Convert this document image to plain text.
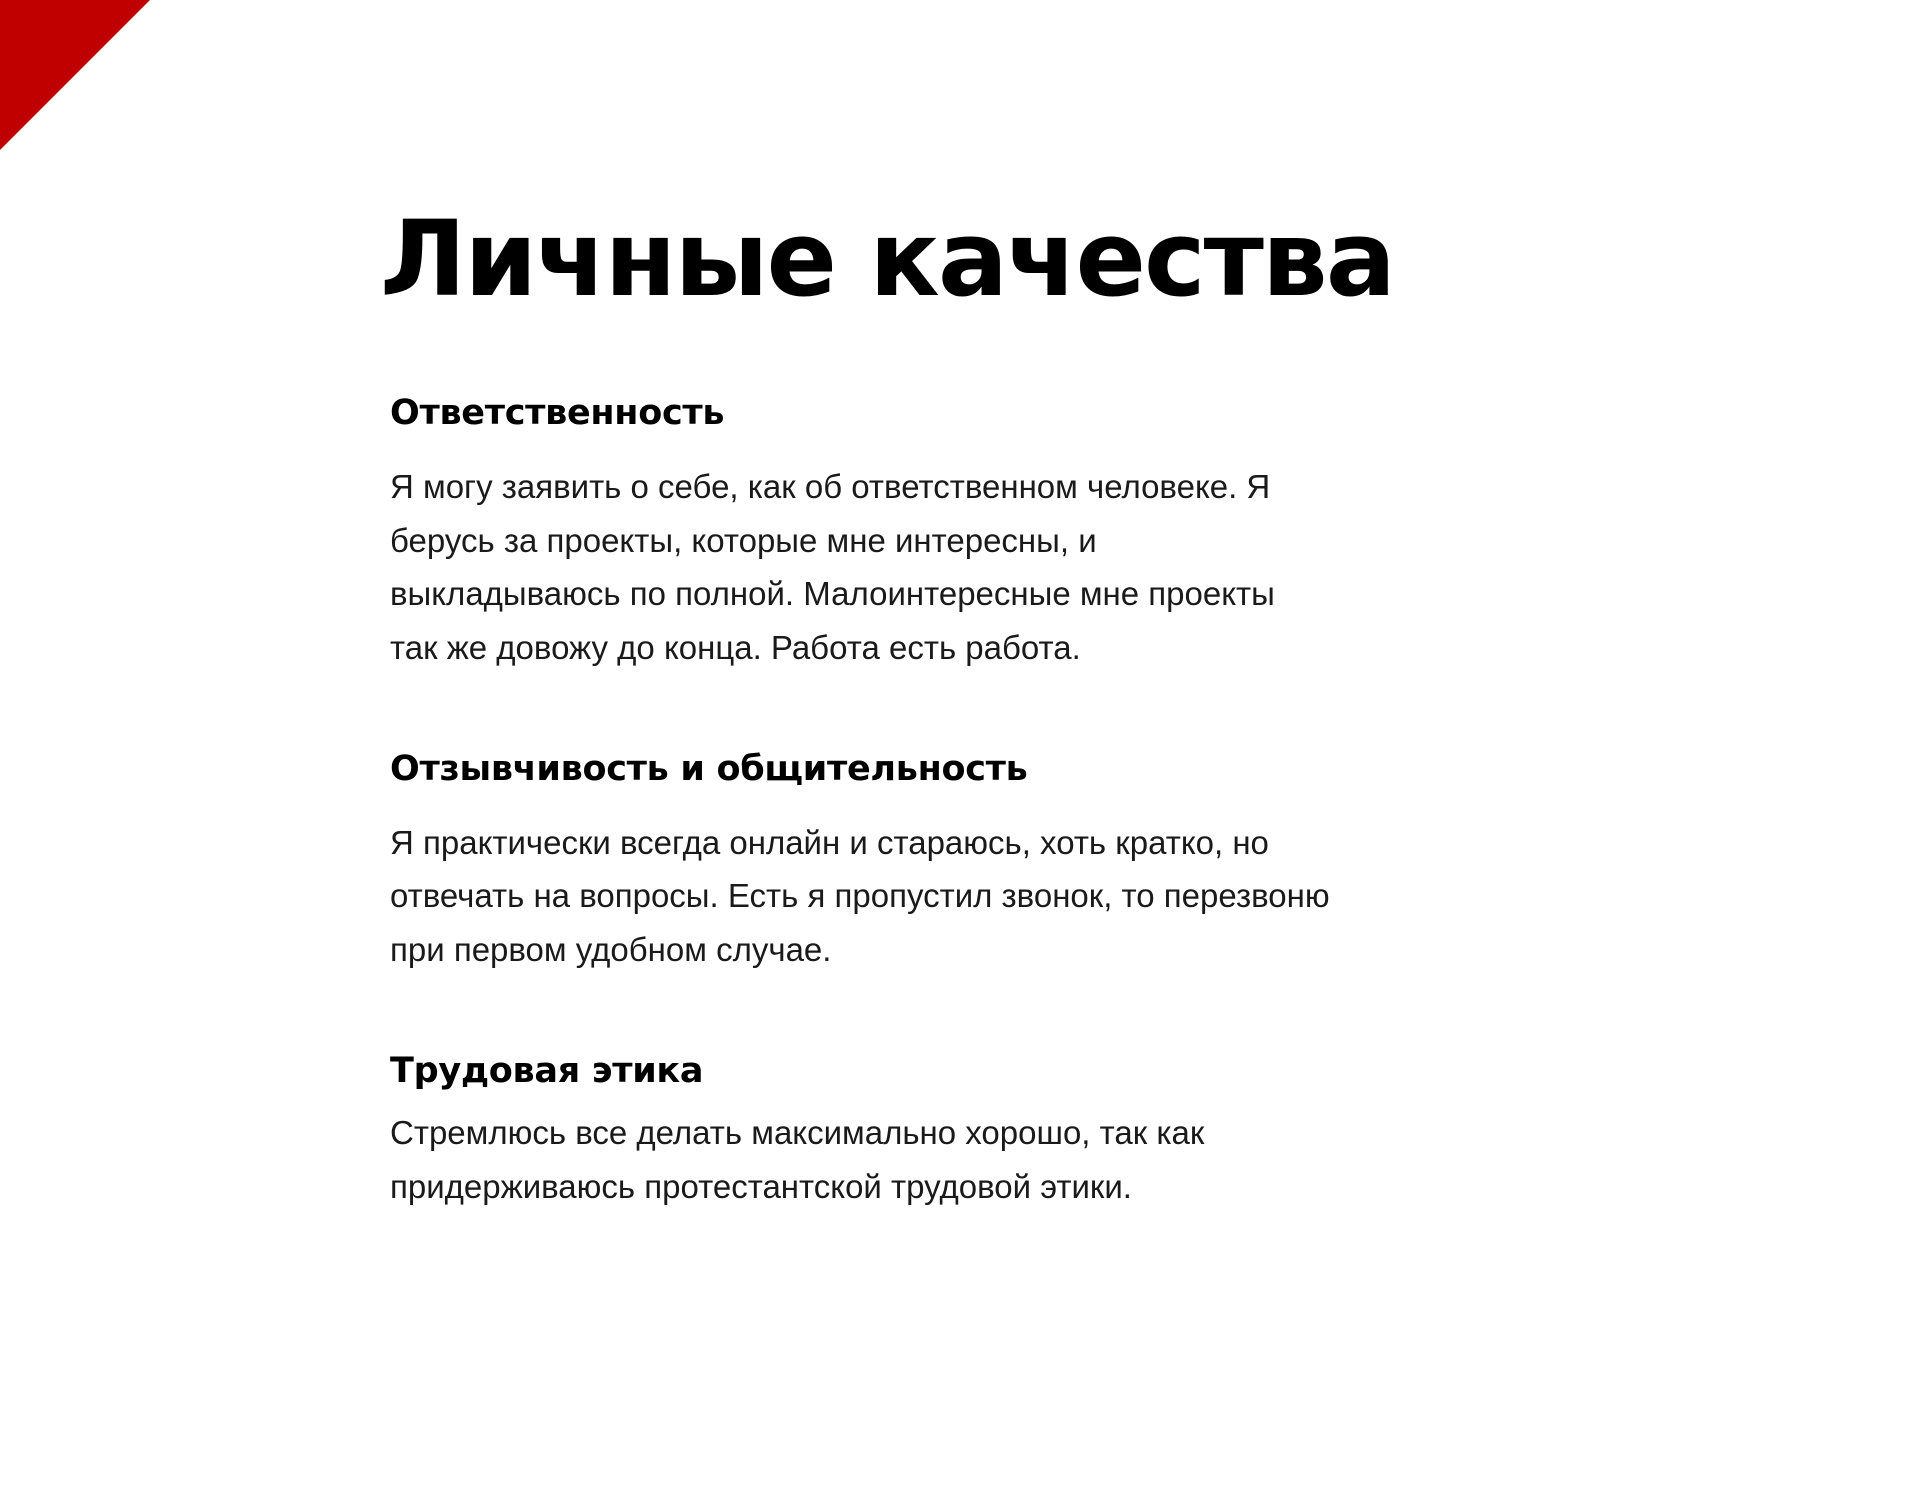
Личные качества
Ответственность

Я могу заявить о себе, как об ответственном человеке. Я берусь за проекты, которые мне интересны, и выкладываюсь по полной. Малоинтересные мне проекты так же довожу до конца. Работа есть работа.

Отзывчивость и общительность

Я практически всегда онлайн и стараюсь, хоть кратко, но отвечать на вопросы. Есть я пропустил звонок, то перезвоню при первом удобном случае.

Трудовая этика

Стремлюсь все делать максимально хорошо, так как придерживаюсь протестантской трудовой этики.
